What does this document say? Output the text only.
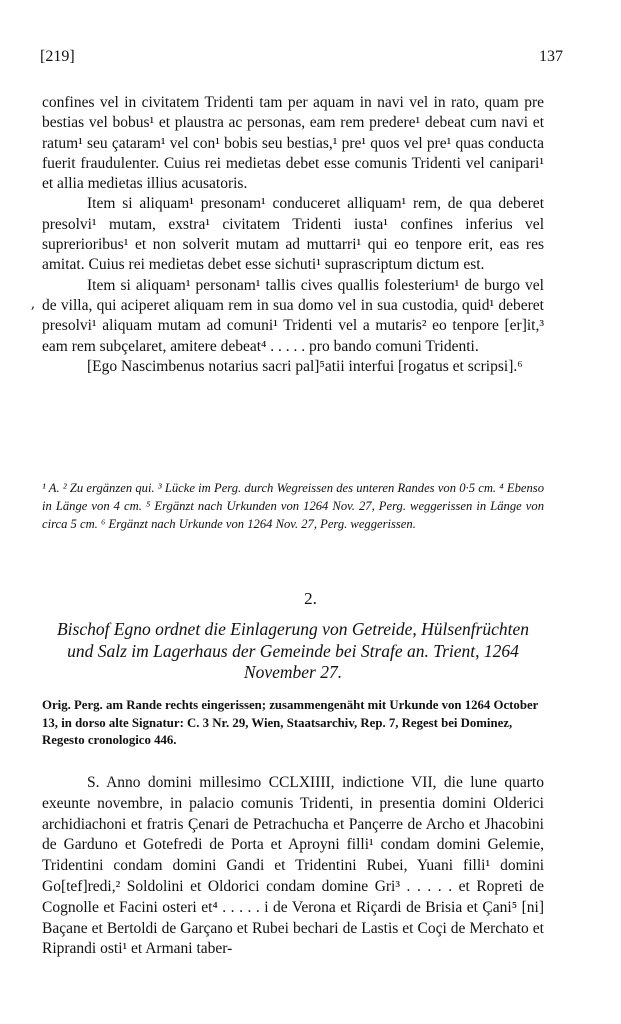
[219]	137

confines vel in civitatem Tridenti tam per aquam in navi vel in rato, quam pre bestias vel bobus¹ et plaustra ac personas, eam rem predere¹ debeat cum navi et ratum¹ seu çataram¹ vel con¹ bobis seu bestias,¹ pre¹ quos vel pre¹ quas conducta fuerit fraudulenter. Cuius rei medietas debet esse comunis Tridenti vel canipari¹ et allia medietas illius acusatoris.

Item si aliquam¹ presonam¹ conduceret alliquam¹ rem, de qua deberet presolvi¹ mutam, exstra¹ civitatem Tridenti iusta¹ confines inferius vel suprerioribus¹ et non solverit mutam ad muttarri¹ qui eo tenpore erit, eas res amitat. Cuius rei medietas debet esse sichuti¹ suprascriptum dictum est.

Item si aliquam¹ personam¹ tallis cives quallis folesterium¹ de burgo vel de villa, qui aciperet aliquam rem in sua domo vel in sua custodia, quid¹ deberet presolvi¹ aliquam mutam ad comuni¹ Tridenti vel a mutaris² eo tenpore [er]it,³ eam rem subçelaret, amitere debeat⁴ . . . . . pro bando comuni Tridenti.

[Ego Nascimbenus notarius sacri pal]⁵atii interfui [rogatus et scripsi].⁶

ʼ

¹ A. ² Zu ergänzen qui. ³ Lücke im Perg. durch Wegreissen des unteren Randes von 0·5 cm. ⁴ Ebenso in Länge von 4 cm. ⁵ Ergänzt nach Urkunden von 1264 Nov. 27, Perg. weggerissen in Länge von circa 5 cm. ⁶ Ergänzt nach Urkunde von 1264 Nov. 27, Perg. weggerissen.

2.
Bischof Egno ordnet die Einlagerung von Getreide, Hülsenfrüchten und Salz im Lagerhaus der Gemeinde bei Strafe an. Trient, 1264 November 27.

Orig. Perg. am Rande rechts eingerissen; zusammengenäht mit Urkunde von 1264 October 13, in dorso alte Signatur: C. 3 Nr. 29, Wien, Staatsarchiv, Rep. 7, Regest bei Dominez, Regesto cronologico 446.

S. Anno domini millesimo CCLXIIII, indictione VII, die lune quarto exeunte novembre, in palacio comunis Tridenti, in presentia domini Olderici archidiachoni et fratris Çenari de Petrachucha et Pançerre de Archo et Jhacobini de Garduno et Gotefredi de Porta et Aproyni filli¹ condam domini Gelemie, Tridentini condam domini Gandi et Tridentini Rubei, Yuani filli¹ domini Go[tef]redi,² Soldolini et Oldorici condam domine Gri³ . . . . . et Ropreti de Cognolle et Facini osteri et⁴ . . . . . i de Verona et Riçardi de Brisia et Çani⁵ [ni] Baçane et Bertoldi de Garçano et Rubei bechari de Lastis et Coçi de Merchato et Riprandi osti¹ et Armani taber-
